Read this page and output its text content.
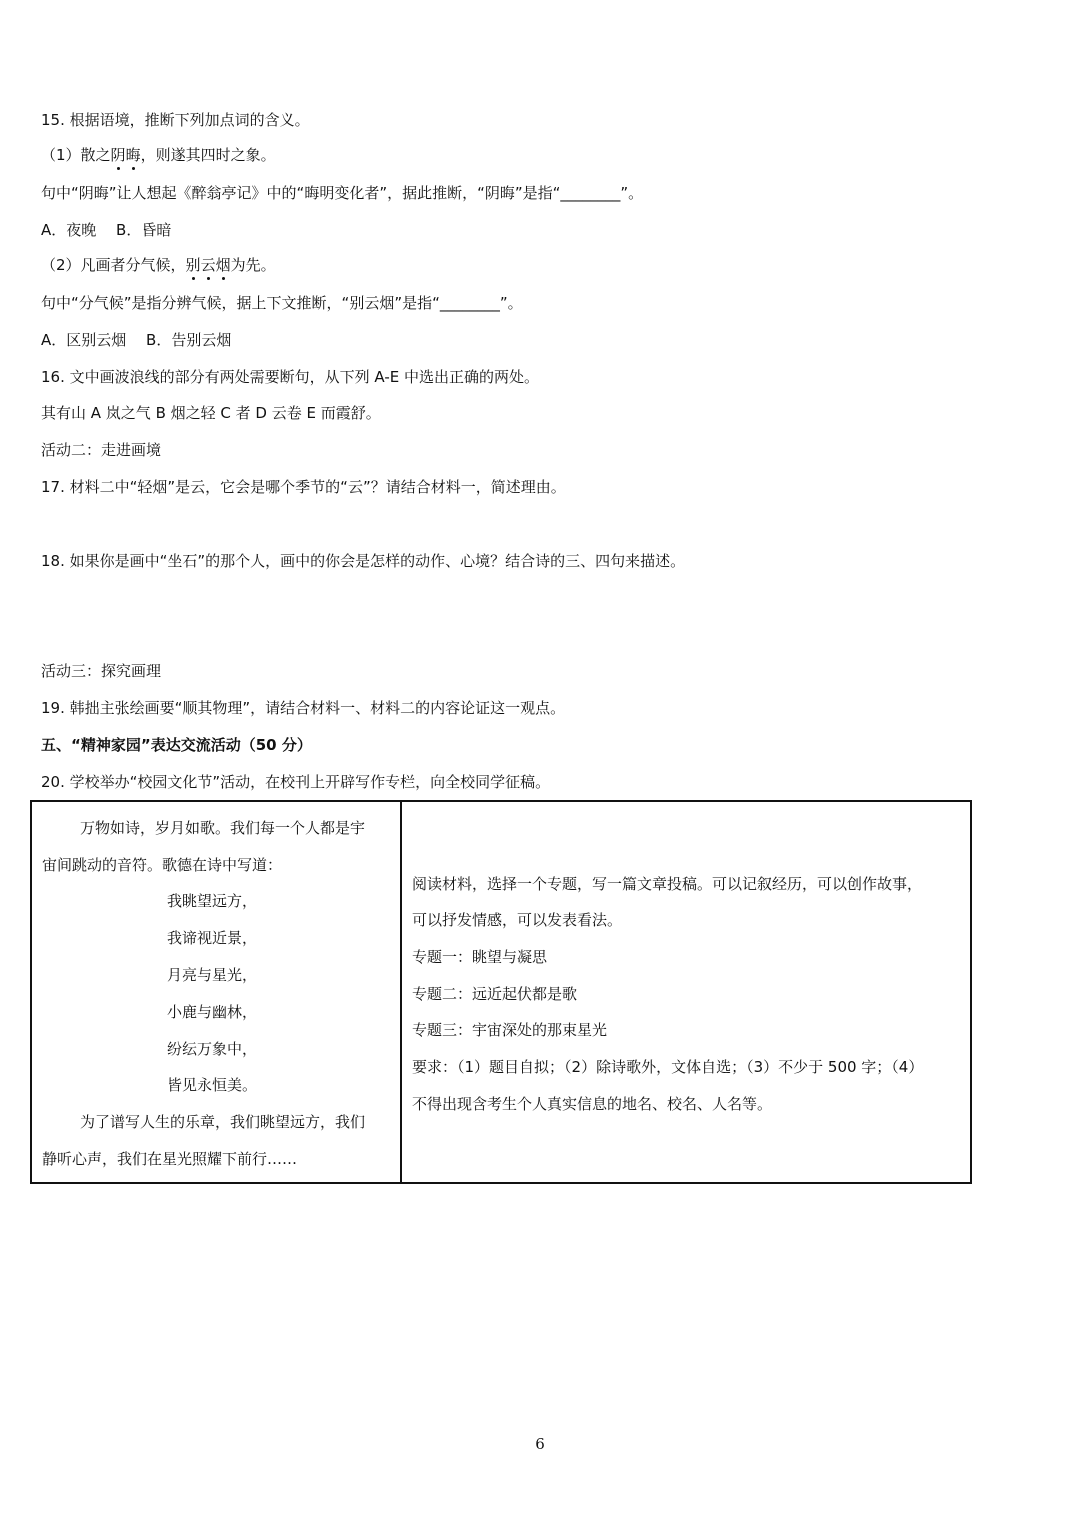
15. 根据语境，推断下列加点词的含义。
（1）散之阴晦，则遂其四时之象。
句中“阴晦”让人想起《醉翁亭记》中的“晦明变化者”，据此推断，“阴晦”是指“________”。
A．夜晚　 B．昏暗
（2）凡画者分气候，别云烟为先。
句中“分气候”是指分辨气候，据上下文推断，“别云烟”是指“________”。
A．区别云烟　 B．告别云烟
16. 文中画波浪线的部分有两处需要断句，从下列 A-E 中选出正确的两处。
其有山 A 岚之气 B 烟之轻 C 者 D 云卷 E 而霞舒。
活动二：走进画境
17. 材料二中“轻烟”是云，它会是哪个季节的“云”？请结合材料一，简述理由。
18. 如果你是画中“坐石”的那个人，画中的你会是怎样的动作、心境？结合诗的三、四句来描述。
活动三：探究画理
19. 韩拙主张绘画要“顺其物理”，请结合材料一、材料二的内容论证这一观点。
五、“精神家园”表达交流活动（50 分）
20. 学校举办“校园文化节”活动，在校刊上开辟写作专栏，向全校同学征稿。
万物如诗，岁月如歌。我们每一个人都是宇
宙间跳动的音符。歌德在诗中写道：
我眺望远方，
我谛视近景，
月亮与星光，
小鹿与幽林，
纷纭万象中，
皆见永恒美。
为了谱写人生的乐章，我们眺望远方，我们
静听心声，我们在星光照耀下前行……

阅读材料，选择一个专题，写一篇文章投稿。可以记叙经历，可以创作故事，
可以抒发情感，可以发表看法。
专题一：眺望与凝思
专题二：远近起伏都是歌
专题三：宇宙深处的那束星光
要求：（1）题目自拟；（2）除诗歌外，文体自选；（3）不少于 500 字；（4）
不得出现含考生个人真实信息的地名、校名、人名等。
6
